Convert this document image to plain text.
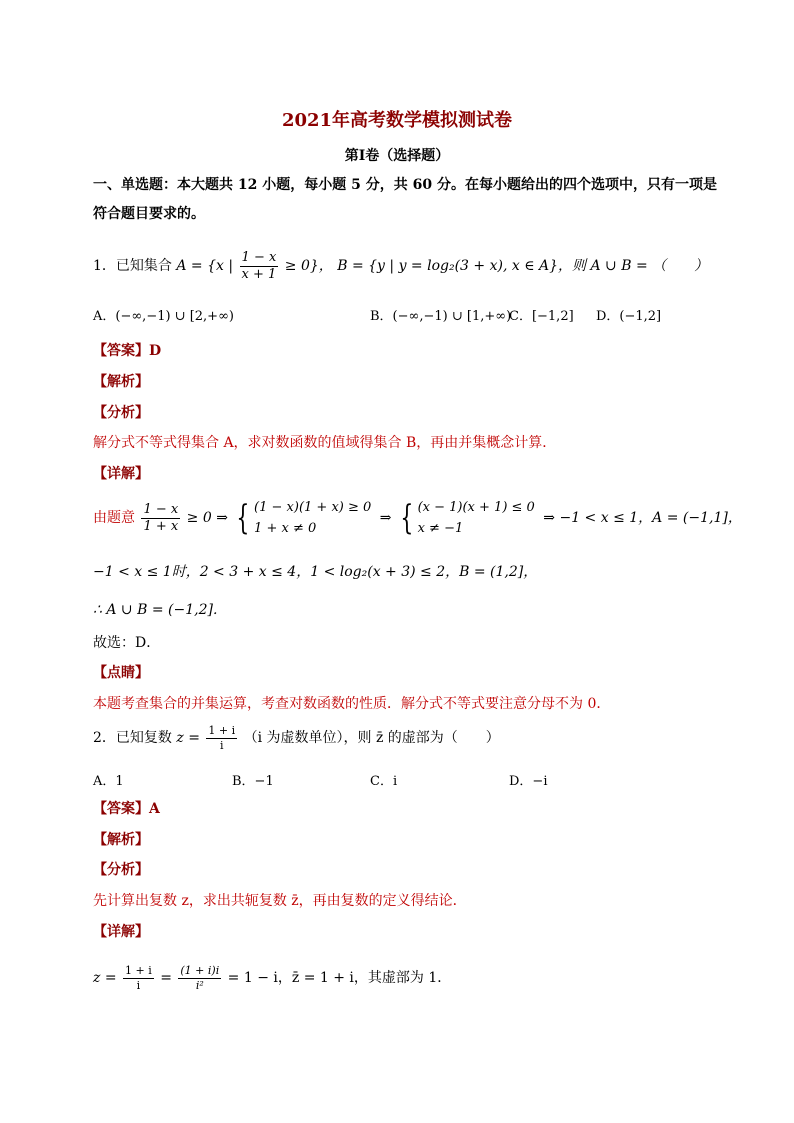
2021年高考数学模拟测试卷
第Ⅰ卷（选择题）
一、单选题：本大题共 12 小题，每小题 5 分，共 60 分。在每小题给出的四个选项中，只有一项是
符合题目要求的。
1．已知集合 A = {x | $\frac{1 - x}{x + 1} \ge 0$}， B = {y | y = log₂(3 + x), x ∈ A}，则 A ∪ B = （　　）
A．(−∞,−1) ∪ [2,+∞)	B．(−∞,−1) ∪ [1,+∞)
C．[−1,2] D．(−1,2]
【答案】D
【解析】
【分析】
解分式不等式得集合 A，求对数函数的值域得集合 B，再由并集概念计算．
【详解】
由题意 $\frac{1 - x}{1 + x} \ge 0$ ⇒ { (1 − x)(1 + x) ≥ 0
1 + x ≠ 0
⇒ { (x − 1)(x + 1) ≤ 0
x ≠ −1
⇒ −1 < x ≤ 1，A = (−1,1]，
−1 < x ≤ 1时，2 < 3 + x ≤ 4，1 < log₂(x + 3) ≤ 2，B = (1,2]，
∴ A ∪ B = (−1,2]．
故选：D．
【点睛】
本题考查集合的并集运算，考查对数函数的性质．解分式不等式要注意分母不为 0．
2．已知复数 $z = \frac{1 + i}{i} (i$ 为虚数单位），则 z̄ 的虚部为（　　）
A．1	B．−1	C．i	D．−i
【答案】A
【解析】
【分析】
先计算出复数 z，求出共轭复数 z̄，再由复数的定义得结论．
【详解】
$z = \frac{1 + i}{i} = \frac{(1 + i)i}{\text{i²}} = 1 - i$，z̄ = 1 + i，其虚部为 1．
